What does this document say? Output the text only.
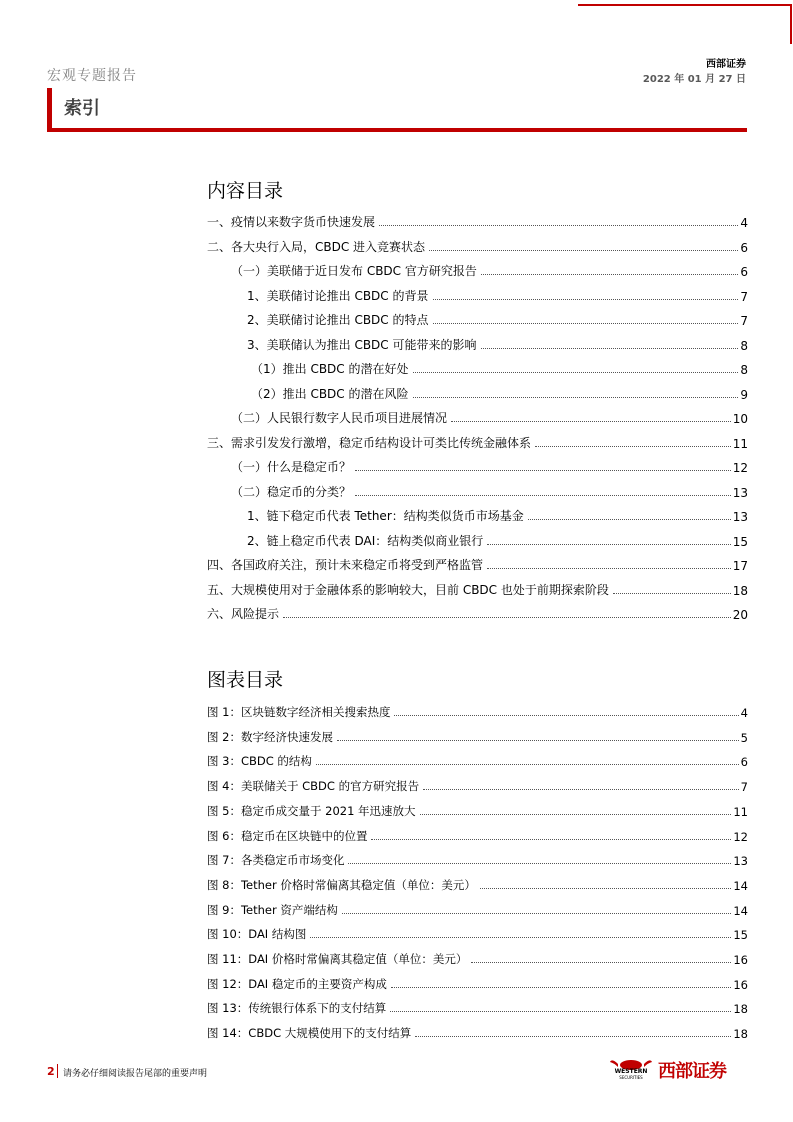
宏观专题报告
西部证券
2022 年 01 月 27 日
索引
内容目录
一、疫情以来数字货币快速发展	4
二、各大央行入局，CBDC 进入竞赛状态	6
（一）美联储于近日发布 CBDC 官方研究报告	6
1、美联储讨论推出 CBDC 的背景	7
2、美联储讨论推出 CBDC 的特点	7
3、美联储认为推出 CBDC 可能带来的影响	8
（1）推出 CBDC 的潜在好处	8
（2）推出 CBDC 的潜在风险	9
（二）人民银行数字人民币项目进展情况	10
三、需求引发发行激增，稳定币结构设计可类比传统金融体系	11
（一）什么是稳定币？	12
（二）稳定币的分类？	13
1、链下稳定币代表 Tether：结构类似货币市场基金	13
2、链上稳定币代表 DAI：结构类似商业银行	15
四、各国政府关注，预计未来稳定币将受到严格监管	17
五、大规模使用对于金融体系的影响较大，目前 CBDC 也处于前期探索阶段	18
六、风险提示	20
图表目录
图 1：区块链数字经济相关搜索热度	4
图 2：数字经济快速发展	5
图 3：CBDC 的结构	6
图 4：美联储关于 CBDC 的官方研究报告	7
图 5：稳定币成交量于 2021 年迅速放大	11
图 6：稳定币在区块链中的位置	12
图 7：各类稳定币市场变化	13
图 8：Tether 价格时常偏离其稳定值（单位：美元）	14
图 9：Tether 资产端结构	14
图 10：DAI 结构图	15
图 11：DAI 价格时常偏离其稳定值（单位：美元）	16
图 12：DAI 稳定币的主要资产构成	16
图 13：传统银行体系下的支付结算	18
图 14：CBDC 大规模使用下的支付结算	18
2 请务必仔细阅读报告尾部的重要声明	WESTERN
SECURITIES 西部证券
